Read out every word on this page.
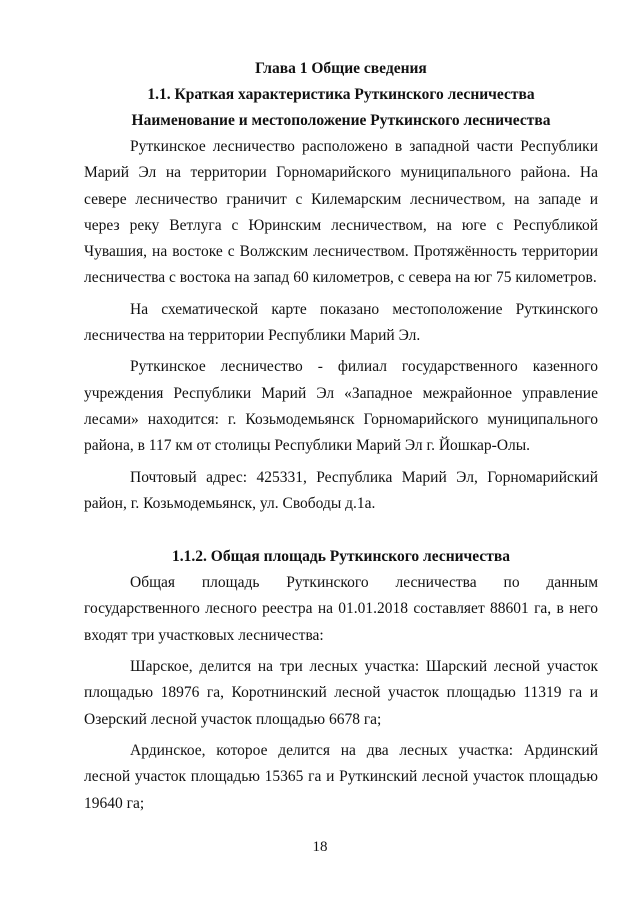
Глава 1 Общие сведения

1.1. Краткая характеристика Руткинского лесничества

Наименование и местоположение Руткинского лесничества

Руткинское лесничество расположено в западной части Республики Марий Эл на территории Горномарийского муниципального района. На севере лесничество граничит с Килемарским лесничеством, на западе и через реку Ветлуга с Юринским лесничеством, на юге с Республикой Чувашия, на востоке с Волжским лесничеством. Протяжённость территории лесничества с востока на запад 60 километров, с севера на юг 75 километров.

На схематической карте показано местоположение Руткинского лесничества на территории Республики Марий Эл.

Руткинское лесничество - филиал государственного казенного учреждения Республики Марий Эл «Западное межрайонное управление лесами» находится: г. Козьмодемьянск Горномарийского муниципального района, в 117 км от столицы Республики Марий Эл г. Йошкар-Олы.

Почтовый адрес: 425331, Республика Марий Эл, Горномарийский район, г. Козьмодемьянск, ул. Свободы д.1а.

1.1.2. Общая площадь Руткинского лесничества

Общая площадь Руткинского лесничества по данным государственного лесного реестра на 01.01.2018 составляет 88601 га, в него входят три участковых лесничества:

Шарское, делится на три лесных участка: Шарский лесной участок площадью 18976 га, Коротнинский лесной участок площадью 11319 га и Озерский лесной участок площадью 6678 га;

Ардинское, которое делится на два лесных участка: Ардинский лесной участок площадью 15365 га и Руткинский лесной участок площадью 19640 га;

18
